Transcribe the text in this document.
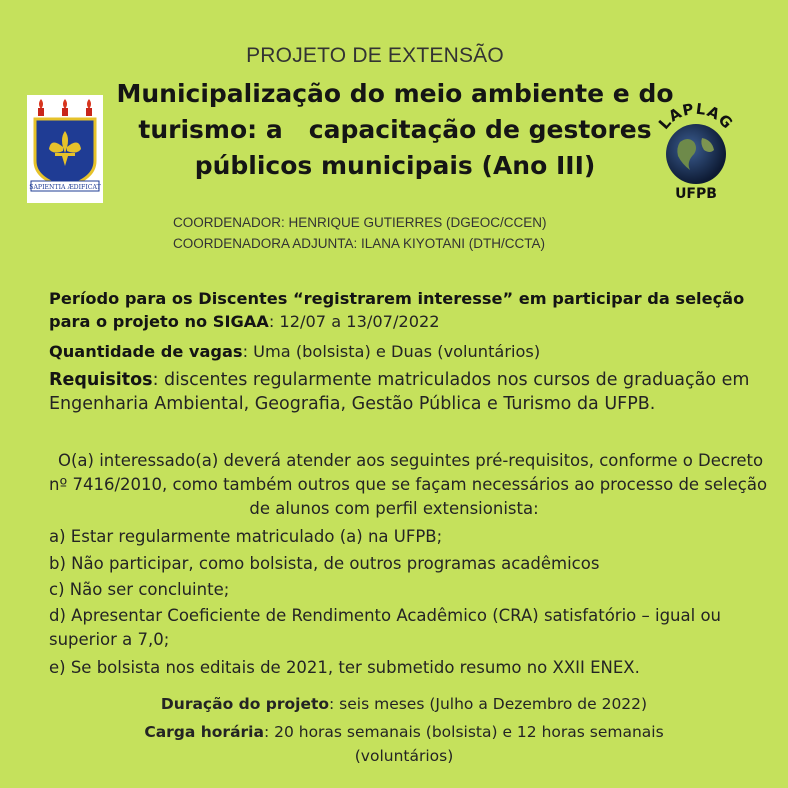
PROJETO DE EXTENSÃO
Municipalização do meio ambiente e do
turismo: a   capacitação de gestores
públicos municipais (Ano III)
SAPIENTIA ÆDIFICAT
LAPLAG
UFPB
COORDENADOR: HENRIQUE GUTIERRES (DGEOC/CCEN)
COORDENADORA ADJUNTA: ILANA KIYOTANI (DTH/CCTA)
Período para os Discentes “registrarem interesse” em participar da seleção
para o projeto no SIGAA: 12/07 a 13/07/2022
Quantidade de vagas: Uma (bolsista) e Duas (voluntários)
Requisitos: discentes regularmente matriculados nos cursos de graduação em
Engenharia Ambiental, Geografia, Gestão Pública e Turismo da UFPB.
O(a) interessado(a) deverá atender aos seguintes pré-requisitos, conforme o Decreto
nº 7416/2010, como também outros que se façam necessários ao processo de seleção
de alunos com perfil extensionista:
a) Estar regularmente matriculado (a) na UFPB;
b) Não participar, como bolsista, de outros programas acadêmicos
c) Não ser concluinte;
d) Apresentar Coeficiente de Rendimento Acadêmico (CRA) satisfatório – igual ou
superior a 7,0;
e) Se bolsista nos editais de 2021, ter submetido resumo no XXII ENEX.
Duração do projeto: seis meses (Julho a Dezembro de 2022)
Carga horária: 20 horas semanais (bolsista) e 12 horas semanais
(voluntários)
